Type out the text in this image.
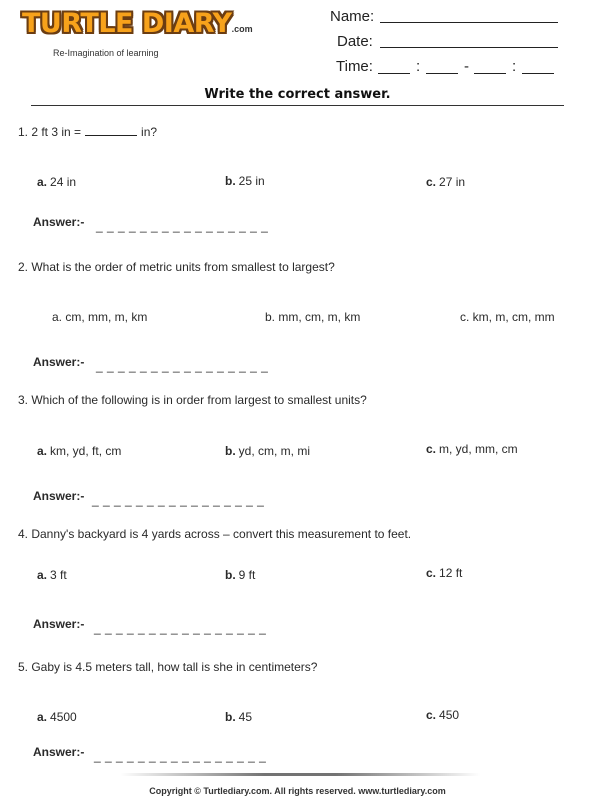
TURTLE DIARY.com
Re-Imagination of learning
Name:
Date:
Time:	:	-	:
Write the correct answer.
1. 2 ft 3 in =	in?
a. 24 in	b. 25 in	c. 27 in
Answer:- _ _ _ _ _ _ _ _ _ _ _ _ _ _ _ _
2. What is the order of metric units from smallest to largest?
a. cm, mm, m, km	b. mm, cm, m, km	c. km, m, cm, mm
Answer:- _ _ _ _ _ _ _ _ _ _ _ _ _ _ _ _
3. Which of the following is in order from largest to smallest units?
a. km, yd, ft, cm	b. yd, cm, m, mi	c. m, yd, mm, cm
Answer:- _ _ _ _ _ _ _ _ _ _ _ _ _ _ _ _
4. Danny's backyard is 4 yards across – convert this measurement to feet.
a. 3 ft	b. 9 ft	c. 12 ft
Answer:- _ _ _ _ _ _ _ _ _ _ _ _ _ _ _ _
5. Gaby is 4.5 meters tall, how tall is she in centimeters?
a. 4500	b. 45	c. 450
Answer:- _ _ _ _ _ _ _ _ _ _ _ _ _ _ _ _
Copyright © Turtlediary.com. All rights reserved. www.turtlediary.com
